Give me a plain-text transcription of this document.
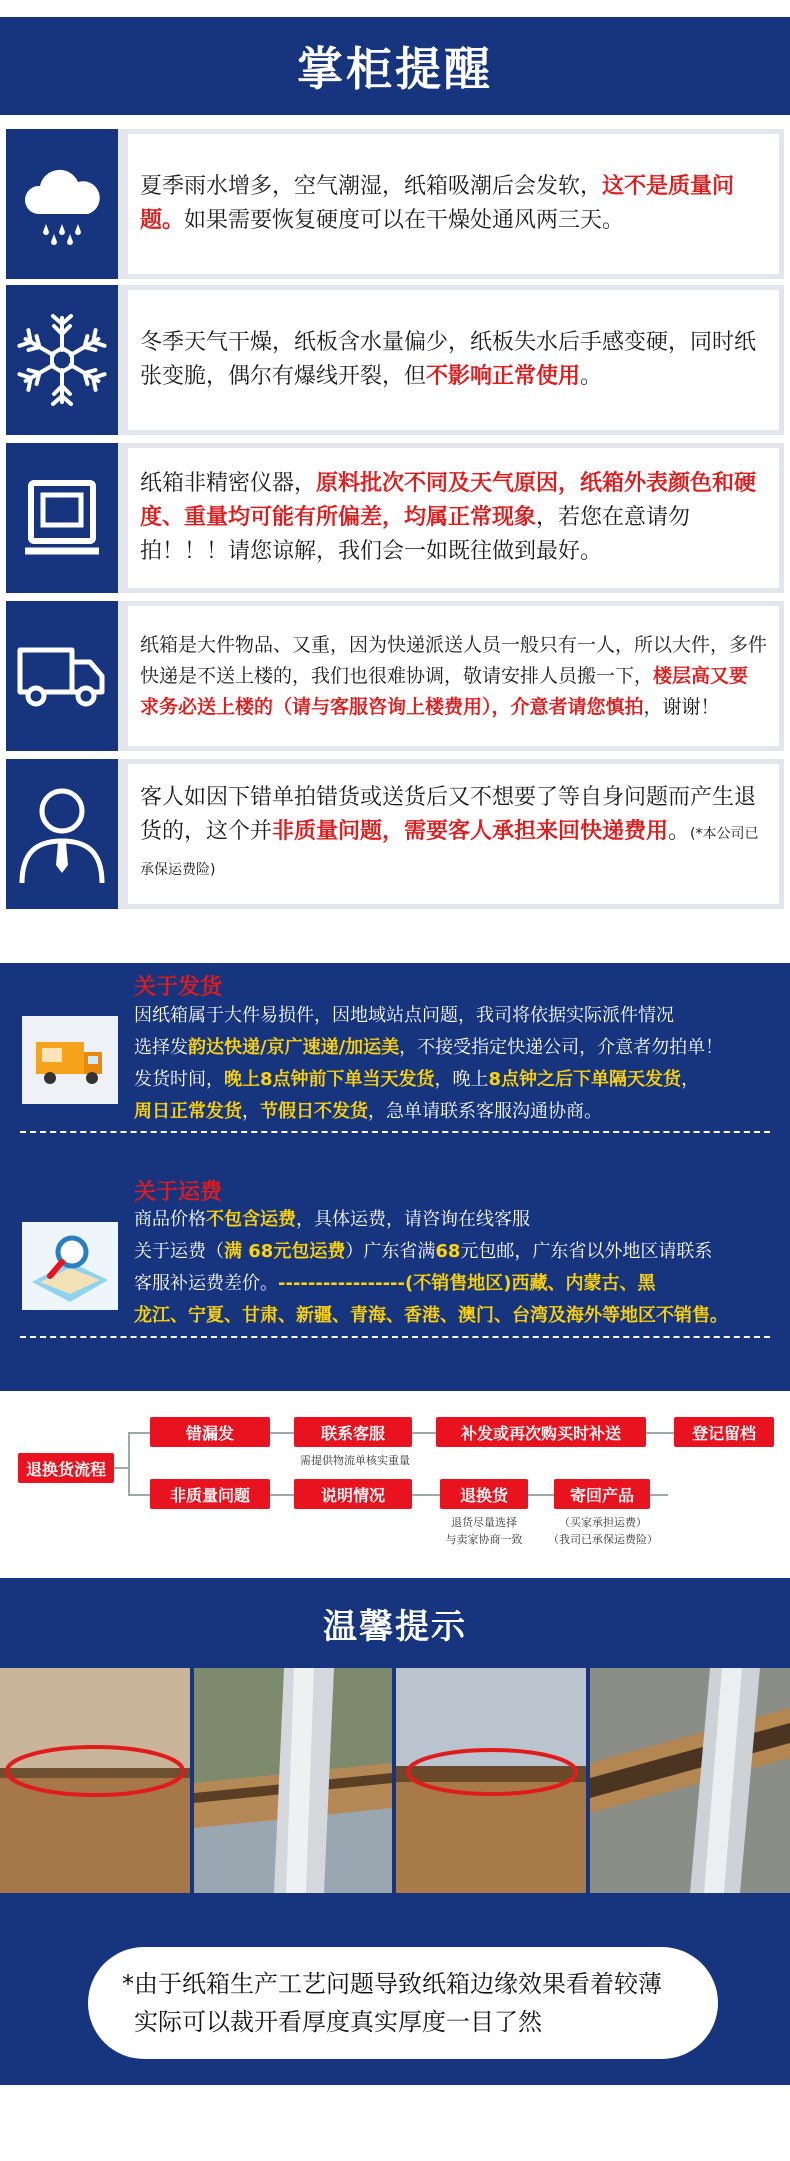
掌柜提醒

夏季雨水增多，空气潮湿，纸箱吸潮后会发软，这不是质量问题。如果需要恢复硬度可以在干燥处通风两三天。

冬季天气干燥，纸板含水量偏少，纸板失水后手感变硬，同时纸张变脆，偶尔有爆线开裂，但不影响正常使用。

纸箱非精密仪器，原料批次不同及天气原因，纸箱外表颜色和硬度、重量均可能有所偏差，均属正常现象，若您在意请勿拍！！！请您谅解，我们会一如既往做到最好。

纸箱是大件物品、又重，因为快递派送人员一般只有一人，所以大件，多件快递是不送上楼的，我们也很难协调，敬请安排人员搬一下，楼层高又要求务必送上楼的（请与客服咨询上楼费用），介意者请您慎拍，谢谢！

客人如因下错单拍错货或送货后又不想要了等自身问题而产生退货的，这个并非质量问题，需要客人承担来回快递费用。(*本公司已承保运费险)

关于发货
因纸箱属于大件易损件，因地域站点问题，我司将依据实际派件情况
选择发韵达快递/京广速递/加运美，不接受指定快递公司，介意者勿拍单！
发货时间，晚上8点钟前下单当天发货，晚上8点钟之后下单隔天发货，
周日正常发货，节假日不发货，急单请联系客服沟通协商。
关于运费
商品价格不包含运费，具体运费，请咨询在线客服
关于运费（满 68元包运费）广东省满68元包邮，广东省以外地区请联系
客服补运费差价。-----------------(不销售地区)西藏、内蒙古、黑
龙江、宁夏、甘肃、新疆、青海、香港、澳门、台湾及海外等地区不销售。
退换货流程
错漏发	联系客服	补发或再次购买时补送	登记留档
需提供物流单核实重量
非质量问题	说明情况	退换货	寄回产品
退货尽量选择
与卖家协商一致
（买家承担运费）
（我司已承保运费险）
温馨提示
*由于纸箱生产工艺问题导致纸箱边缘效果看着较薄
实际可以裁开看厚度真实厚度一目了然
